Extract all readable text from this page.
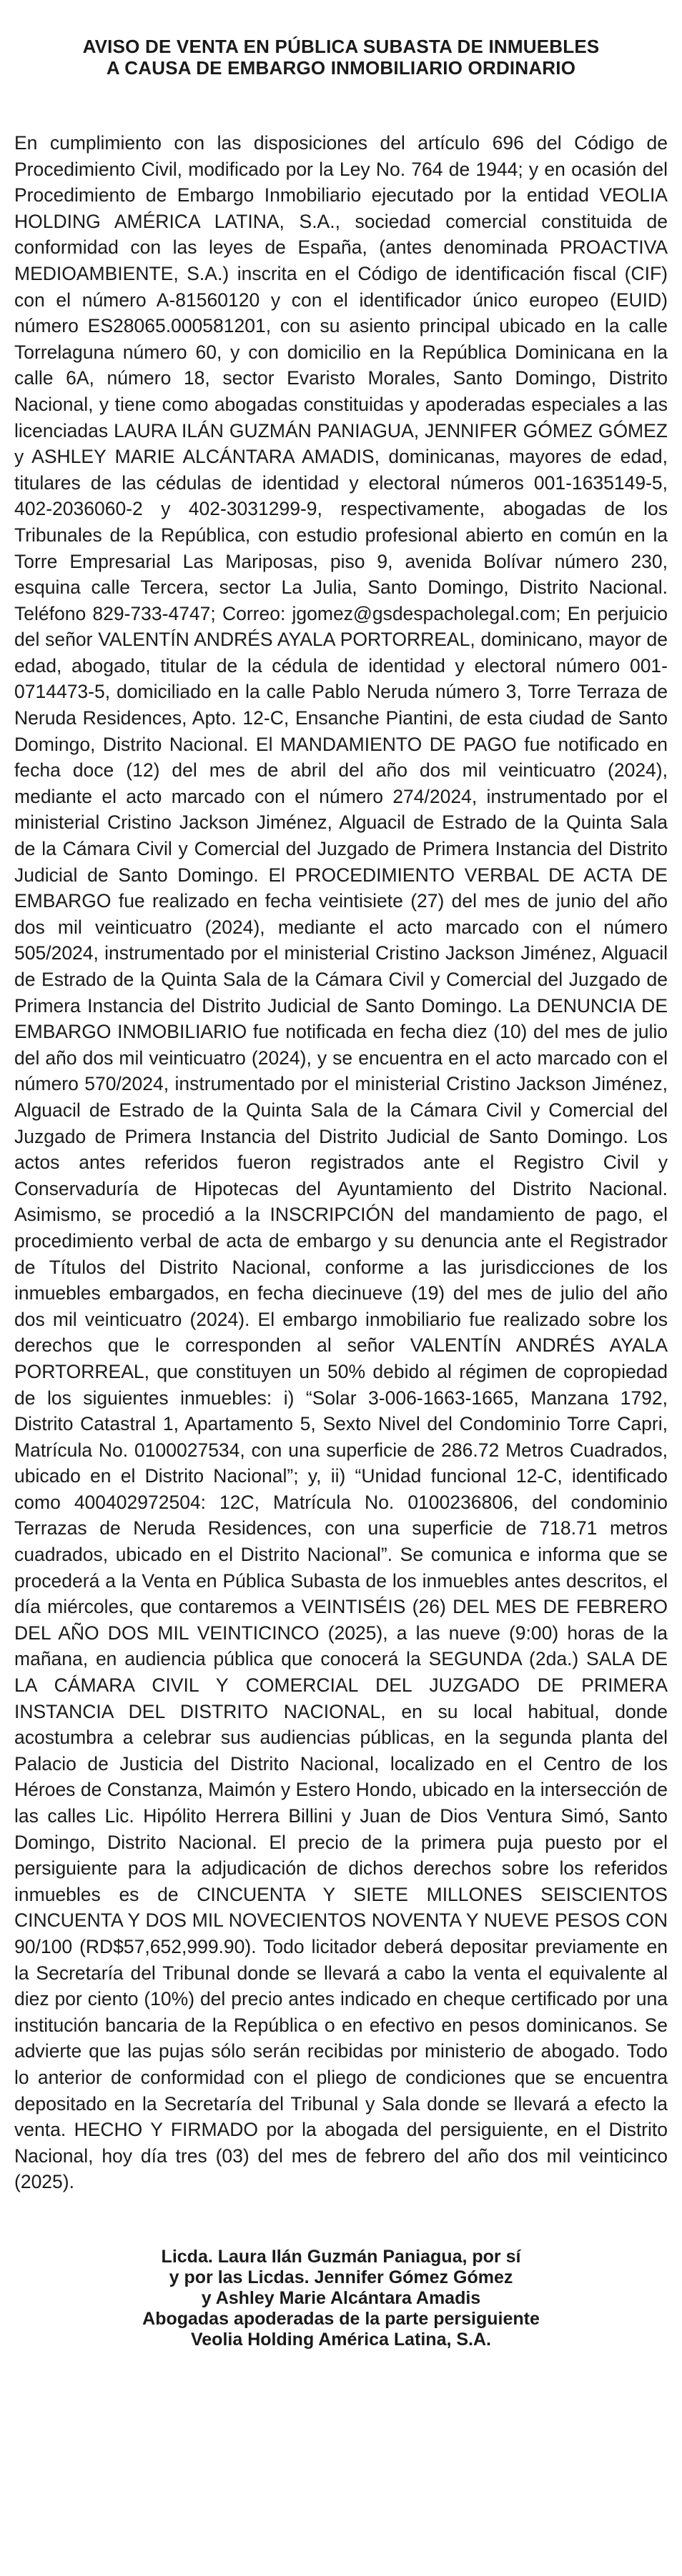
AVISO DE VENTA EN PÚBLICA SUBASTA DE INMUEBLES
A CAUSA DE EMBARGO INMOBILIARIO ORDINARIO

En cumplimiento con las disposiciones del artículo 696 del Código de Procedimiento Civil, modificado por la Ley No. 764 de 1944; y en ocasión del Procedimiento de Embargo Inmobiliario ejecutado por la entidad VEOLIA HOLDING AMÉRICA LATINA, S.A., sociedad comercial constituida de conformidad con las leyes de España, (antes denominada PROACTIVA MEDIOAMBIENTE, S.A.) inscrita en el Código de identificación fiscal (CIF) con el número A-81560120 y con el identificador único europeo (EUID) número ES28065.000581201, con su asiento principal ubicado en la calle Torrelaguna número 60, y con domicilio en la República Dominicana en la calle 6A, número 18, sector Evaristo Morales, Santo Domingo, Distrito Nacional, y tiene como abogadas constituidas y apoderadas especiales a las licenciadas LAURA ILÁN GUZMÁN PANIAGUA, JENNIFER GÓMEZ GÓMEZ y ASHLEY MARIE ALCÁNTARA AMADIS, dominicanas, mayores de edad, titulares de las cédulas de identidad y electoral números 001-1635149-5, 402-2036060-2 y 402-3031299-9, respectivamente, abogadas de los Tribunales de la República, con estudio profesional abierto en común en la Torre Empresarial Las Mariposas, piso 9, avenida Bolívar número 230, esquina calle Tercera, sector La Julia, Santo Domingo, Distrito Nacional. Teléfono 829-733-4747; Correo: jgomez@gsdespacholegal.com; En perjuicio del señor VALENTÍN ANDRÉS AYALA PORTORREAL, dominicano, mayor de edad, abogado, titular de la cédula de identidad y electoral número 001-0714473-5, domiciliado en la calle Pablo Neruda número 3, Torre Terraza de Neruda Residences, Apto. 12-C, Ensanche Piantini, de esta ciudad de Santo Domingo, Distrito Nacional. El MANDAMIENTO DE PAGO fue notificado en fecha doce (12) del mes de abril del año dos mil veinticuatro (2024), mediante el acto marcado con el número 274/2024, instrumentado por el ministerial Cristino Jackson Jiménez, Alguacil de Estrado de la Quinta Sala de la Cámara Civil y Comercial del Juzgado de Primera Instancia del Distrito Judicial de Santo Domingo. El PROCEDIMIENTO VERBAL DE ACTA DE EMBARGO fue realizado en fecha veintisiete (27) del mes de junio del año dos mil veinticuatro (2024), mediante el acto marcado con el número 505/2024, instrumentado por el ministerial Cristino Jackson Jiménez, Alguacil de Estrado de la Quinta Sala de la Cámara Civil y Comercial del Juzgado de Primera Instancia del Distrito Judicial de Santo Domingo. La DENUNCIA DE EMBARGO INMOBILIARIO fue notificada en fecha diez (10) del mes de julio del año dos mil veinticuatro (2024), y se encuentra en el acto marcado con el número 570/2024, instrumentado por el ministerial Cristino Jackson Jiménez, Alguacil de Estrado de la Quinta Sala de la Cámara Civil y Comercial del Juzgado de Primera Instancia del Distrito Judicial de Santo Domingo. Los actos antes referidos fueron registrados ante el Registro Civil y Conservaduría de Hipotecas del Ayuntamiento del Distrito Nacional. Asimismo, se procedió a la INSCRIPCIÓN del mandamiento de pago, el procedimiento verbal de acta de embargo y su denuncia ante el Registrador de Títulos del Distrito Nacional, conforme a las jurisdicciones de los inmuebles embargados, en fecha diecinueve (19) del mes de julio del año dos mil veinticuatro (2024). El embargo inmobiliario fue realizado sobre los derechos que le corresponden al señor VALENTÍN ANDRÉS AYALA PORTORREAL, que constituyen un 50% debido al régimen de copropiedad de los siguientes inmuebles: i) “Solar 3-006-1663-1665, Manzana 1792, Distrito Catastral 1, Apartamento 5, Sexto Nivel del Condominio Torre Capri, Matrícula No. 0100027534, con una superficie de 286.72 Metros Cuadrados, ubicado en el Distrito Nacional”; y, ii) “Unidad funcional 12-C, identificado como 400402972504: 12C, Matrícula No. 0100236806, del condominio Terrazas de Neruda Residences, con una superficie de 718.71 metros cuadrados, ubicado en el Distrito Nacional”. Se comunica e informa que se procederá a la Venta en Pública Subasta de los inmuebles antes descritos, el día miércoles, que contaremos a VEINTISÉIS (26) DEL MES DE FEBRERO DEL AÑO DOS MIL VEINTICINCO (2025), a las nueve (9:00) horas de la mañana, en audiencia pública que conocerá la SEGUNDA (2da.) SALA DE LA CÁMARA CIVIL Y COMERCIAL DEL JUZGADO DE PRIMERA INSTANCIA DEL DISTRITO NACIONAL, en su local habitual, donde acostumbra a celebrar sus audiencias públicas, en la segunda planta del Palacio de Justicia del Distrito Nacional, localizado en el Centro de los Héroes de Constanza, Maimón y Estero Hondo, ubicado en la intersección de las calles Lic. Hipólito Herrera Billini y Juan de Dios Ventura Simó, Santo Domingo, Distrito Nacional. El precio de la primera puja puesto por el persiguiente para la adjudicación de dichos derechos sobre los referidos inmuebles es de CINCUENTA Y SIETE MILLONES SEISCIENTOS CINCUENTA Y DOS MIL NOVECIENTOS NOVENTA Y NUEVE PESOS CON 90/100 (RD$57,652,999.90). Todo licitador deberá depositar previamente en la Secretaría del Tribunal donde se llevará a cabo la venta el equivalente al diez por ciento (10%) del precio antes indicado en cheque certificado por una institución bancaria de la República o en efectivo en pesos dominicanos. Se advierte que las pujas sólo serán recibidas por ministerio de abogado. Todo lo anterior de conformidad con el pliego de condiciones que se encuentra depositado en la Secretaría del Tribunal y Sala donde se llevará a efecto la venta. HECHO Y FIRMADO por la abogada del persiguiente, en el Distrito Nacional, hoy día tres (03) del mes de febrero del año dos mil veinticinco (2025).

Licda. Laura Ilán Guzmán Paniagua, por sí
y por las Licdas. Jennifer Gómez Gómez
y Ashley Marie Alcántara Amadis
Abogadas apoderadas de la parte persiguiente
Veolia Holding América Latina, S.A.
